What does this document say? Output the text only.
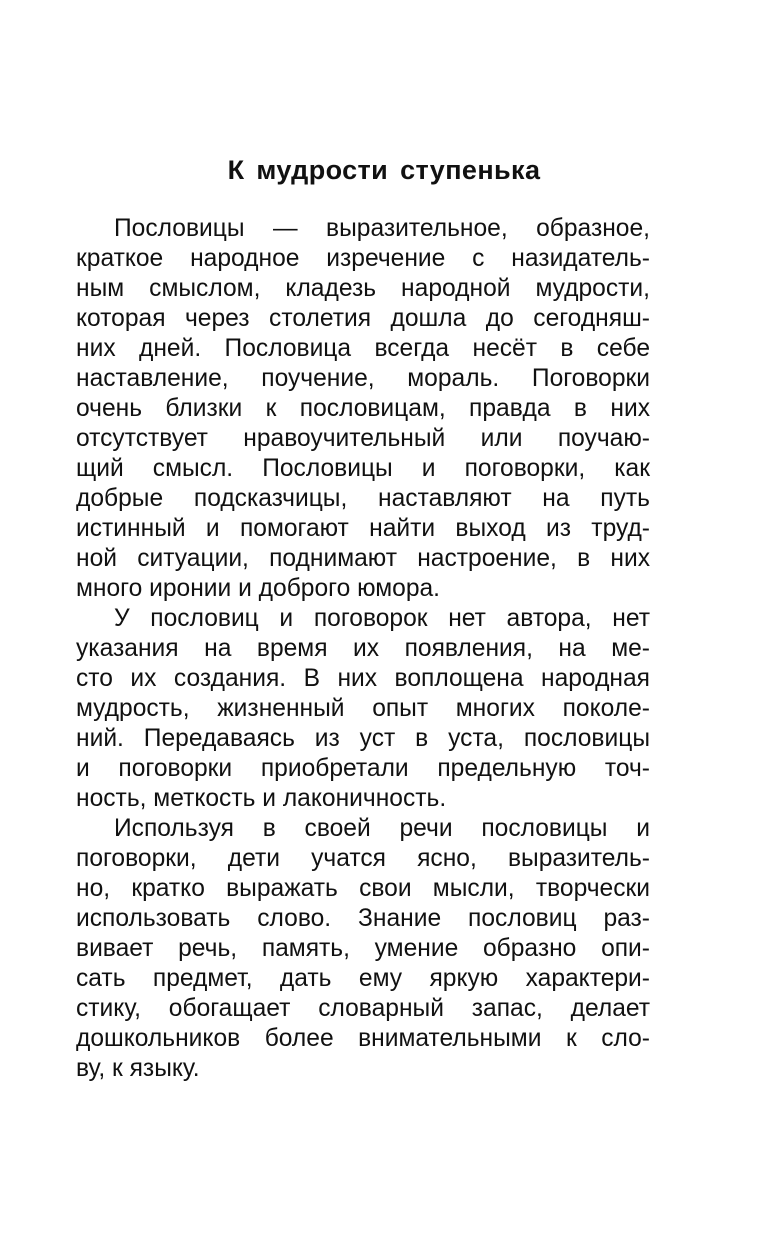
К мудрости ступенька
Пословицы — выразительное, образное,
краткое народное изречение с назидатель-
ным смыслом, кладезь народной мудрости,
которая через столетия дошла до сегодняш-
них дней. Пословица всегда несёт в себе
наставление, поучение, мораль. Поговорки
очень близки к пословицам, правда в них
отсутствует нравоучительный или поучаю-
щий смысл. Пословицы и поговорки, как
добрые подсказчицы, наставляют на путь
истинный и помогают найти выход из труд-
ной ситуации, поднимают настроение, в них
много иронии и доброго юмора.
У пословиц и поговорок нет автора, нет
указания на время их появления, на ме-
сто их создания. В них воплощена народная
мудрость, жизненный опыт многих поколе-
ний. Передаваясь из уст в уста, пословицы
и поговорки приобретали предельную точ-
ность, меткость и лаконичность.
Используя в своей речи пословицы и
поговорки, дети учатся ясно, выразитель-
но, кратко выражать свои мысли, творчески
использовать слово. Знание пословиц раз-
вивает речь, память, умение образно опи-
сать предмет, дать ему яркую характери-
стику, обогащает словарный запас, делает
дошкольников более внимательными к сло-
ву, к языку.
